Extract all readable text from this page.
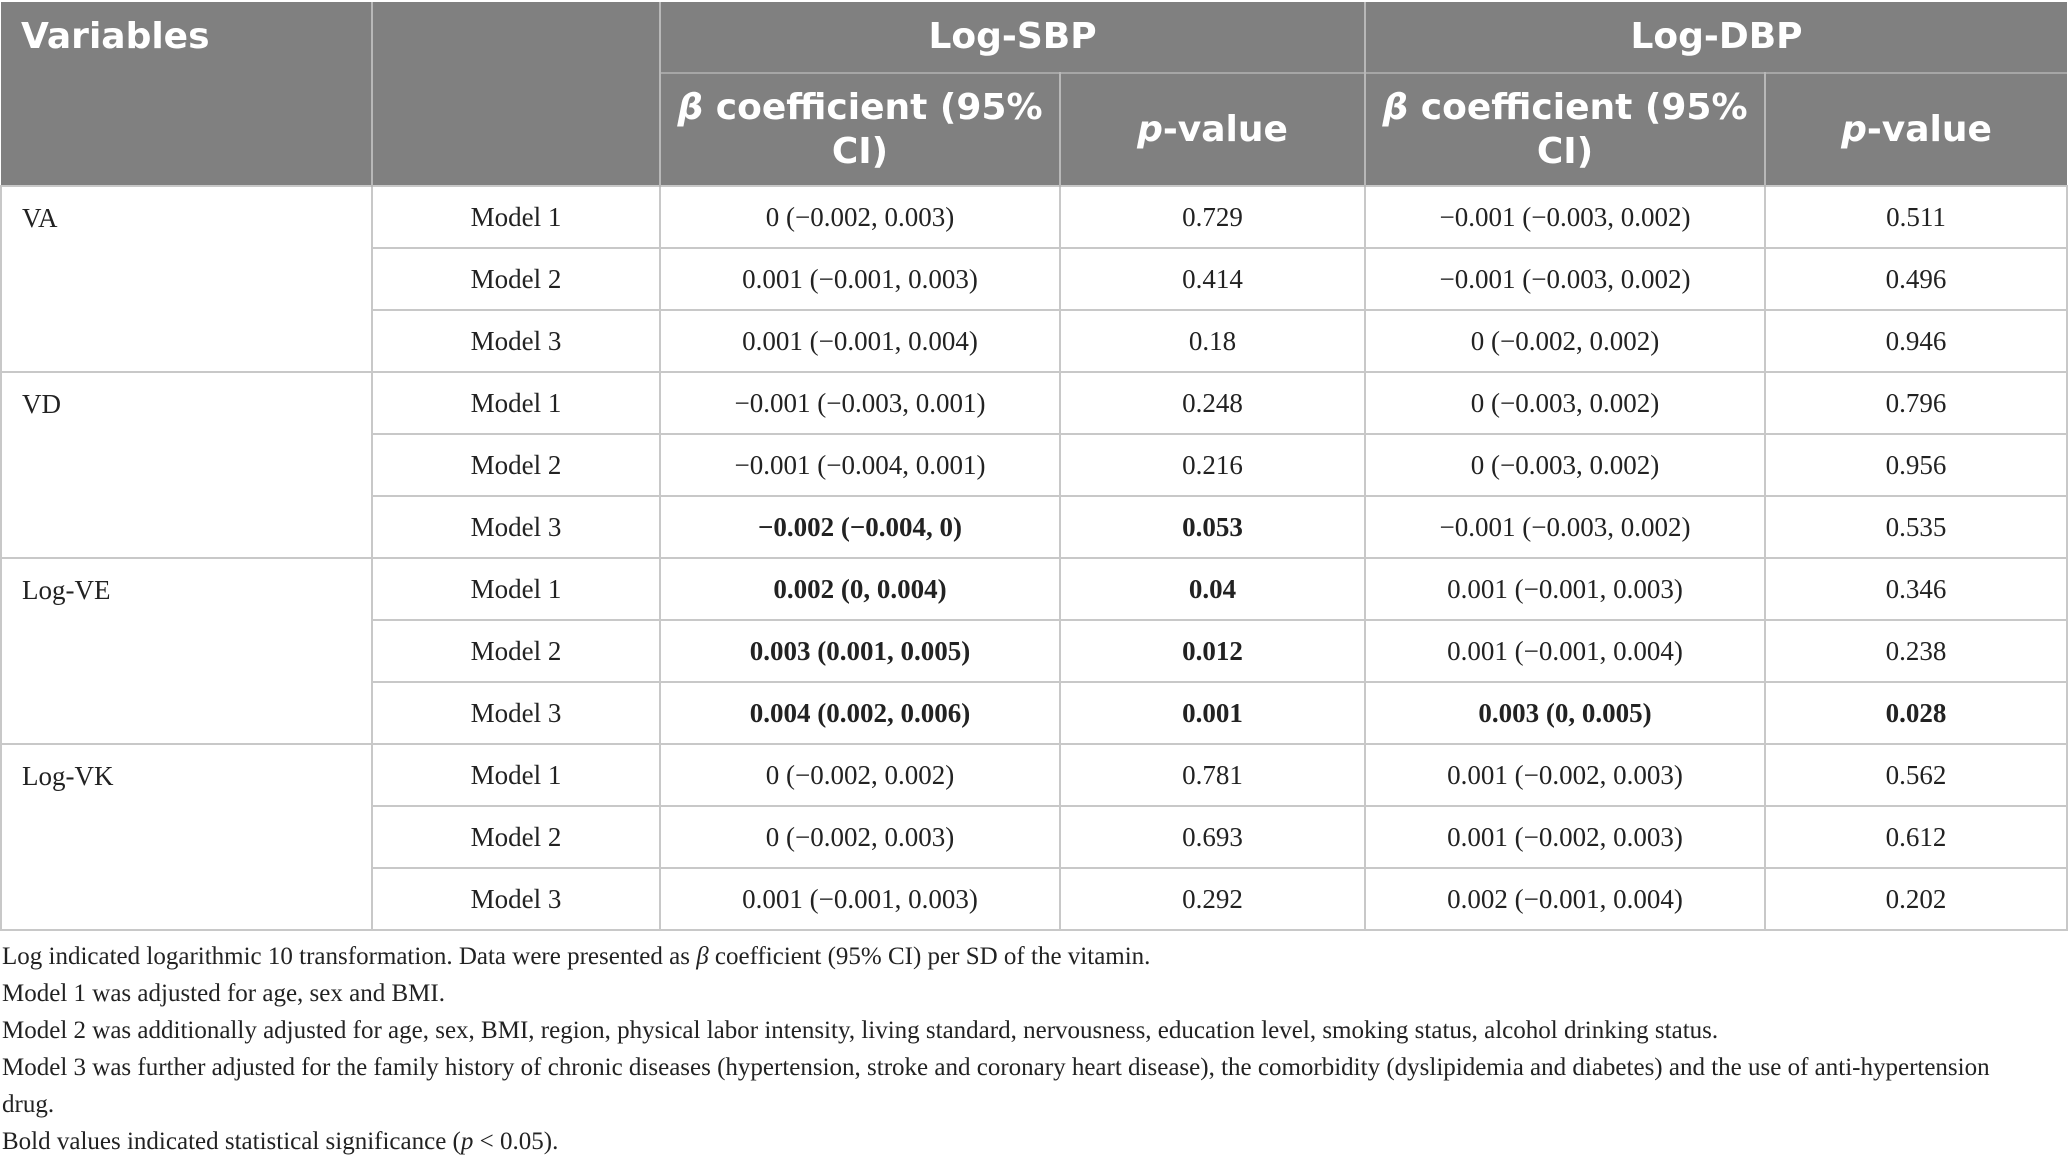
Variables		Log-SBP		Log-DBP	
		β coefficient (95% CI)	p-value	β coefficient (95% CI)	p-value
VA	Model 1	0 (−0.002, 0.003)	0.729	−0.001 (−0.003, 0.002)	0.511
	Model 2	0.001 (−0.001, 0.003)	0.414	−0.001 (−0.003, 0.002)	0.496
	Model 3	0.001 (−0.001, 0.004)	0.18	0 (−0.002, 0.002)	0.946
VD	Model 1	−0.001 (−0.003, 0.001)	0.248	0 (−0.003, 0.002)	0.796
	Model 2	−0.001 (−0.004, 0.001)	0.216	0 (−0.003, 0.002)	0.956
	Model 3	−0.002 (−0.004, 0)	0.053	−0.001 (−0.003, 0.002)	0.535
Log-VE	Model 1	0.002 (0, 0.004)	0.04	0.001 (−0.001, 0.003)	0.346
	Model 2	0.003 (0.001, 0.005)	0.012	0.001 (−0.001, 0.004)	0.238
	Model 3	0.004 (0.002, 0.006)	0.001	0.003 (0, 0.005)	0.028
Log-VK	Model 1	0 (−0.002, 0.002)	0.781	0.001 (−0.002, 0.003)	0.562
	Model 2	0 (−0.002, 0.003)	0.693	0.001 (−0.002, 0.003)	0.612
	Model 3	0.001 (−0.001, 0.003)	0.292	0.002 (−0.001, 0.004)	0.202

Log indicated logarithmic 10 transformation. Data were presented as β coefficient (95% CI) per SD of the vitamin.

Model 1 was adjusted for age, sex and BMI.

Model 2 was additionally adjusted for age, sex, BMI, region, physical labor intensity, living standard, nervousness, education level, smoking status, alcohol drinking status.

Model 3 was further adjusted for the family history of chronic diseases (hypertension, stroke and coronary heart disease), the comorbidity (dyslipidemia and diabetes) and the use of anti-hypertension drug.

Bold values indicated statistical significance (p < 0.05).
